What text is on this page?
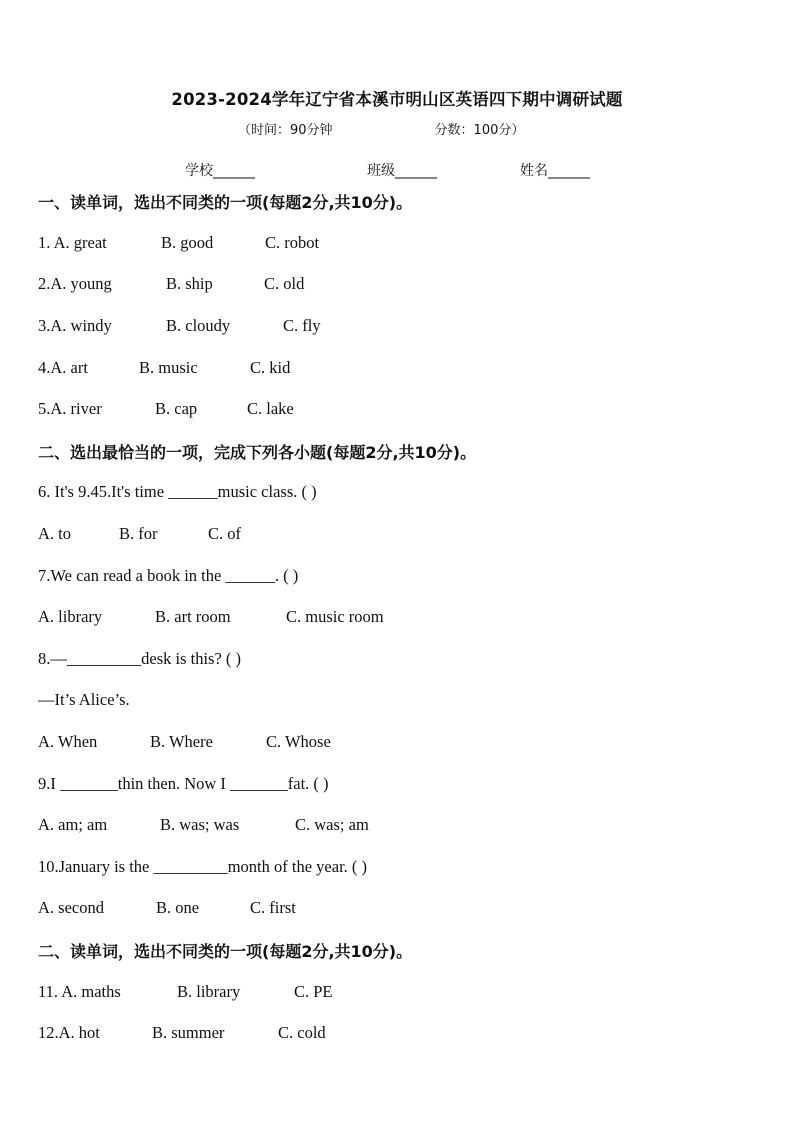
2023-2024学年辽宁省本溪市明山区英语四下期中调研试题
（时间：90分钟	分数：100分）
学校______	班级______	姓名______
一、读单词，选出不同类的一项(每题2分,共10分)。
1. A. great	B. good	C. robot
2.A. young	B. ship	C. old
3.A. windy	B. cloudy	C. fly
4.A. art	B. music	C. kid
5.A. river	B. cap	C. lake
二、选出最恰当的一项，完成下列各小题(每题2分,共10分)。
6. It's 9.45.It's time ______music class. ( )
A. to	B. for	C. of
7.We can read a book in the ______. ( )
A. library	B. art room	C. music room
8.—_________desk is this? ( )
—It’s Alice’s.
A. When	B. Where	C. Whose
9.I _______thin then. Now I _______fat. ( )
A. am; am	B. was; was	C. was; am
10.January is the _________month of the year. ( )
A. second	B. one	C. first
二、读单词，选出不同类的一项(每题2分,共10分)。
11. A. maths	B. library	C. PE
12.A. hot	B. summer	C. cold
